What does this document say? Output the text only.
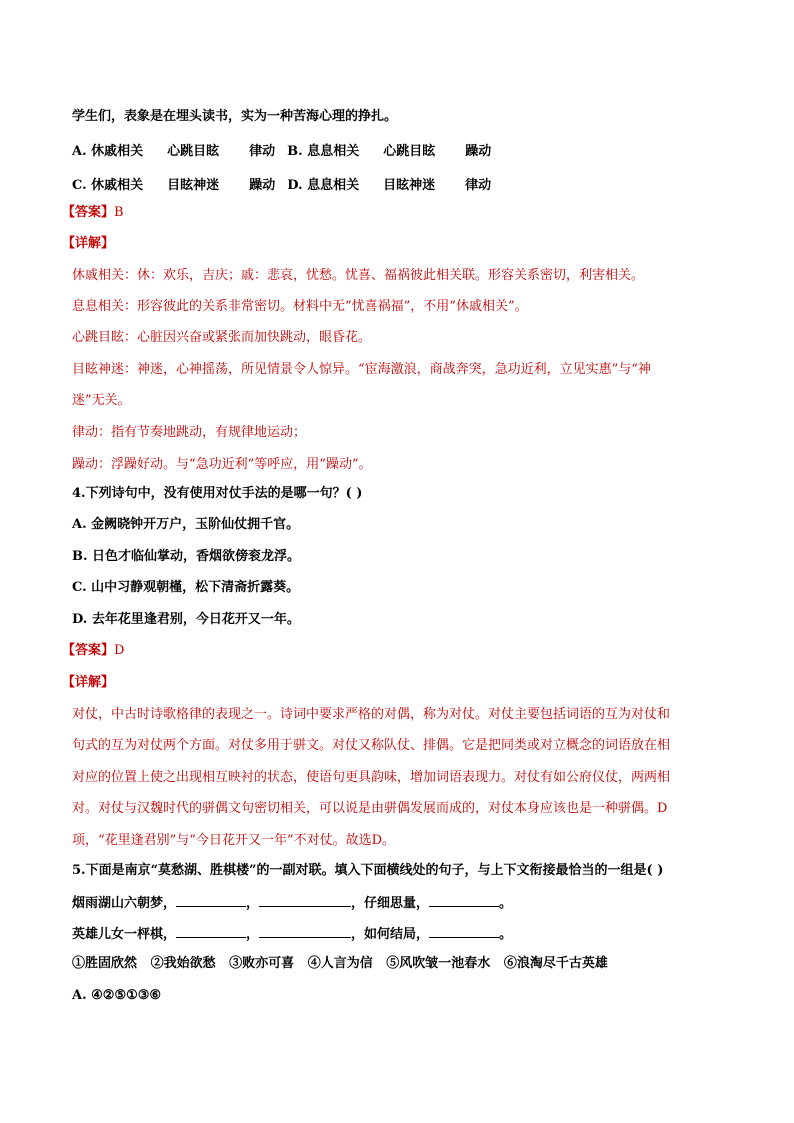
学生们，表象是在埋头读书，实为一种苦海心理的挣扎。
A. 休戚相关 心跳目眩 律动 B. 息息相关 心跳目眩 躁动
C. 休戚相关 目眩神迷 躁动 D. 息息相关 目眩神迷 律动
【答案】B
【详解】
休戚相关：休：欢乐，吉庆；戚：悲哀，忧愁。忧喜、福祸彼此相关联。形容关系密切，利害相关。
息息相关：形容彼此的关系非常密切。材料中无“忧喜祸福”，不用“休戚相关”。
心跳目眩：心脏因兴奋或紧张而加快跳动，眼昏花。
目眩神迷：神迷，心神摇荡，所见情景令人惊异。“宦海激浪，商战奔突，急功近利，立见实惠”与“神
迷”无关。
律动：指有节奏地跳动，有规律地运动；
躁动：浮躁好动。与“急功近利”等呼应，用“躁动”。
4.下列诗句中，没有使用对仗手法的是哪一句？( )
A. 金阙晓钟开万户，玉阶仙仗拥千官。
B. 日色才临仙掌动，香烟欲傍衮龙浮。
C. 山中习静观朝槿，松下清斋折露葵。
D. 去年花里逢君别，今日花开又一年。
【答案】D
【详解】
对仗，中古时诗歌格律的表现之一。诗词中要求严格的对偶，称为对仗。对仗主要包括词语的互为对仗和
句式的互为对仗两个方面。对仗多用于骈文。对仗又称队仗、排偶。它是把同类或对立概念的词语放在相
对应的位置上使之出现相互映衬的状态，使语句更具韵味，增加词语表现力。对仗有如公府仪仗，两两相
对。对仗与汉魏时代的骈偶文句密切相关，可以说是由骈偶发展而成的，对仗本身应该也是一种骈偶。D
项，“花里逢君别”与“今日花开又一年”不对仗。故选D。
5.下面是南京“莫愁湖、胜棋楼”的一副对联。填入下面横线处的句子，与上下文衔接最恰当的一组是( )
烟雨湖山六朝梦，	，	，仔细思量，	。
英雄儿女一枰棋，	，	，如何结局，	。
①胜固欣然   ②我始欲愁   ③败亦可喜   ④人言为信   ⑤风吹皱一池春水   ⑥浪淘尽千古英雄
A. ④②⑤①③⑥
